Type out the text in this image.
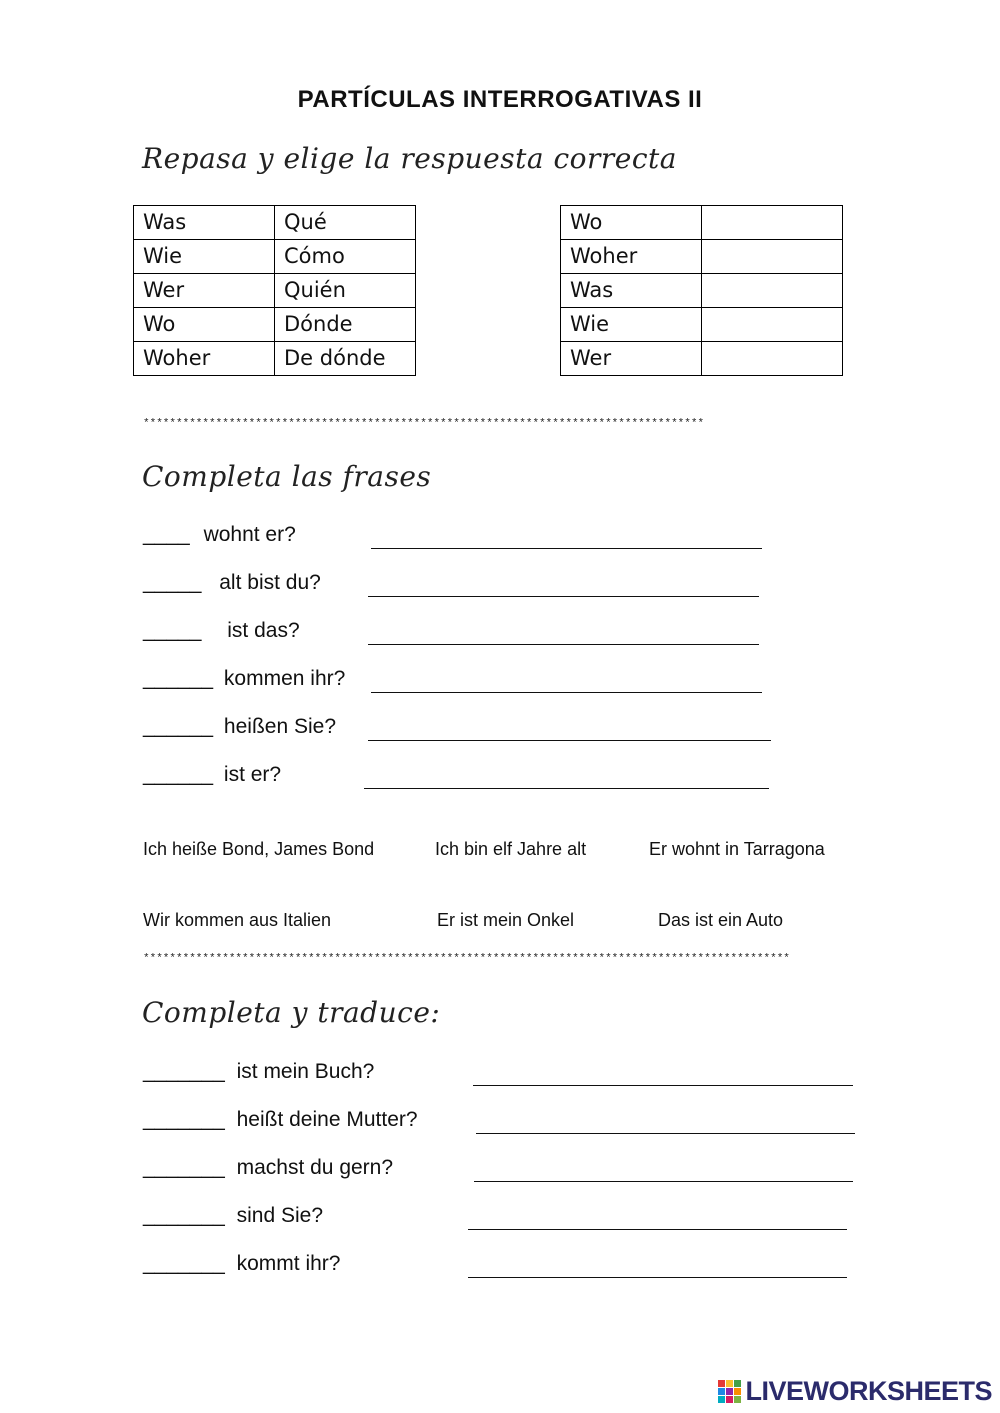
PARTÍCULAS INTERROGATIVAS II
Repasa y elige la respuesta correcta
Was	Qué
Wie	Cómo
Wer	Quién
Wo	Dónde
Woher	De dónde
Wo	
Woher	
Was	
Wie	
Wer	
*************************************************************************************
Completa las frases
____ wohnt er?
_____ alt bist du?
_____ ist das?
______ kommen ihr?
______ heißen Sie?
______ ist er?
Ich heiße Bond, James Bond	Ich bin elf Jahre alt	Er wohnt in Tarragona
Wir kommen aus Italien	Er ist mein Onkel	Das ist ein Auto
**************************************************************************************************
Completa y traduce:
_______ ist mein Buch?
_______ heißt deine Mutter?
_______ machst du gern?
_______ sind Sie?
_______ kommt ihr?
LIVEWORKSHEETS
